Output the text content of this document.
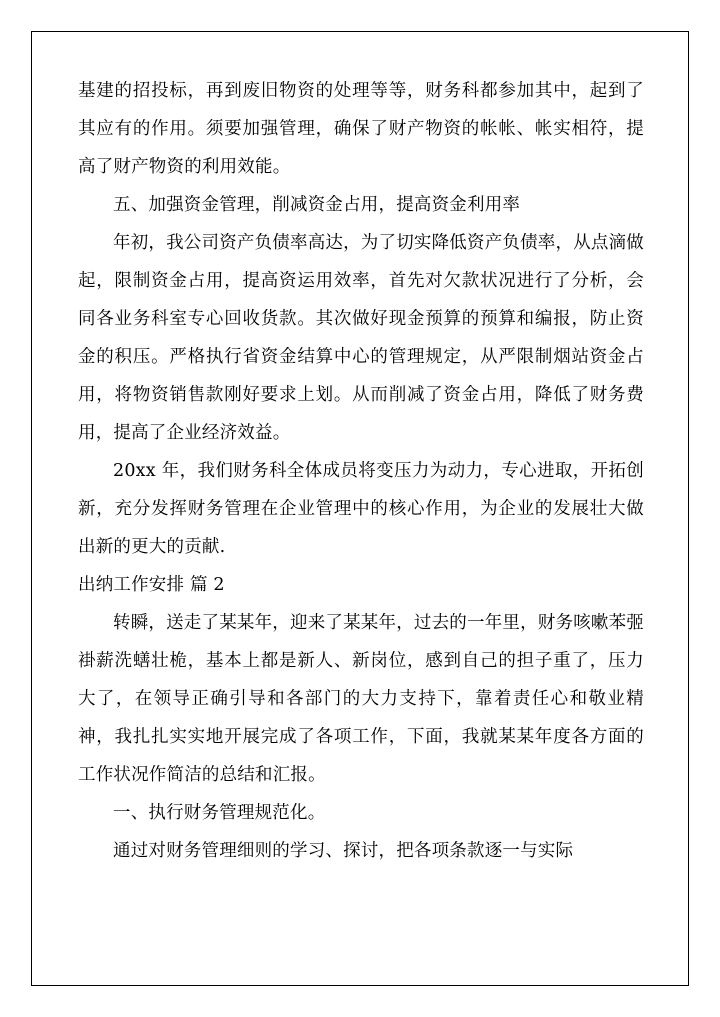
基建的招投标，再到废旧物资的处理等等，财务科都参加其中，起到了其应有的作用。须要加强管理，确保了财产物资的帐帐、帐实相符，提高了财产物资的利用效能。

五、加强资金管理，削减资金占用，提高资金利用率

年初，我公司资产负债率高达，为了切实降低资产负债率，从点滴做起，限制资金占用，提高资运用效率，首先对欠款状况进行了分析，会同各业务科室专心回收货款。其次做好现金预算的预算和编报，防止资金的积压。严格执行省资金结算中心的管理规定，从严限制烟站资金占用，将物资销售款刚好要求上划。从而削减了资金占用，降低了财务费用，提高了企业经济效益。

20xx 年，我们财务科全体成员将变压力为动力，专心进取，开拓创新，充分发挥财务管理在企业管理中的核心作用，为企业的发展壮大做出新的更大的贡献.

出纳工作安排 篇 2

转瞬，送走了某某年，迎来了某某年，过去的一年里，财务咳嗽苯弬褂薪洗蟮壮桅，基本上都是新人、新岗位，感到自己的担子重了，压力大了，在领导正确引导和各部门的大力支持下，靠着责任心和敬业精神，我扎扎实实地开展完成了各项工作，下面，我就某某年度各方面的工作状况作简洁的总结和汇报。

一、执行财务管理规范化。

通过对财务管理细则的学习、探讨，把各项条款逐一与实际
